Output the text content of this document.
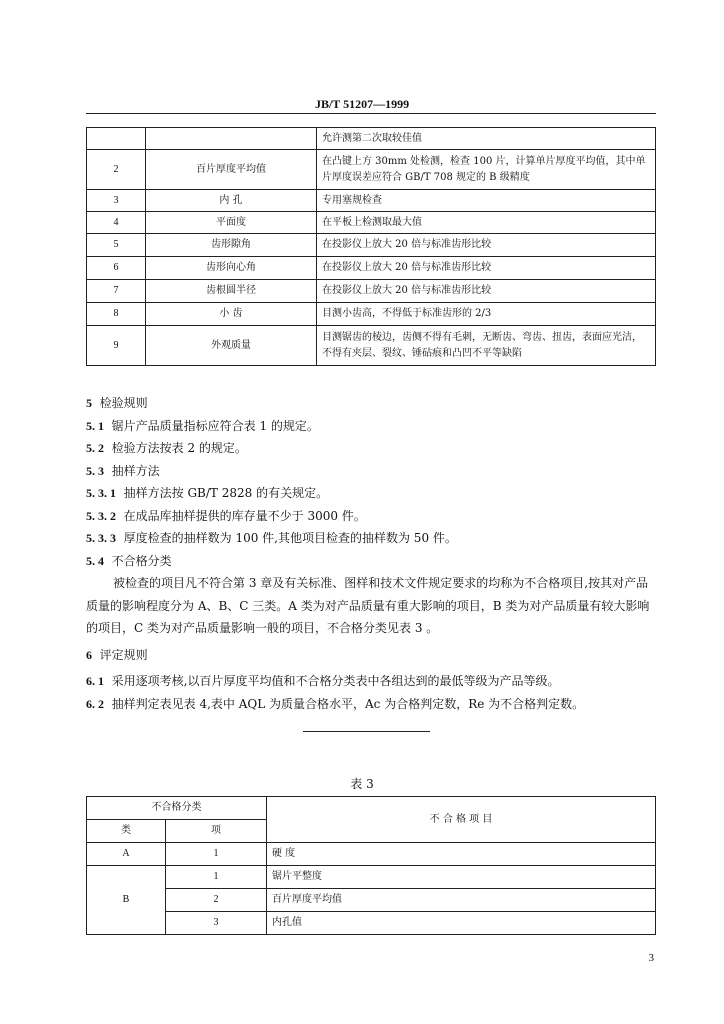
JB/T 51207—1999
		允许测第二次取较佳值
2	百片厚度平均值	在凸键上方 30mm 处检测，检查 100 片，计算单片厚度平均值，其中单片厚度误差应符合 GB/T 708 规定的 B 级精度
3	内 孔	专用塞规检查
4	平面度	在平板上检测取最大值
5	齿形隙角	在投影仪上放大 20 倍与标准齿形比较
6	齿形向心角	在投影仪上放大 20 倍与标准齿形比较
7	齿根圆半径	在投影仪上放大 20 倍与标准齿形比较
8	小 齿	目测小齿高，不得低于标准齿形的 2/3
9	外观质量	目测锯齿的棱边，齿侧不得有毛刺，无断齿、弯齿、扭齿，表面应光洁，不得有夹层、裂纹、锤砧痕和凸凹不平等缺陷

5 检验规则

5. 1 锯片产品质量指标应符合表 1 的规定。

5. 2 检验方法按表 2 的规定。

5. 3 抽样方法

5. 3. 1 抽样方法按 GB/T 2828 的有关规定。

5. 3. 2 在成品库抽样提供的库存量不少于 3000 件。

5. 3. 3 厚度检查的抽样数为 100 件,其他项目检查的抽样数为 50 件。

5. 4 不合格分类

被检查的项目凡不符合第 3 章及有关标准、图样和技术文件规定要求的均称为不合格项目,按其对产品质量的影响程度分为 A、B、C 三类。A 类为对产品质量有重大影响的项目，B 类为对产品质量有较大影响的项目，C 类为对产品质量影响一般的项目，不合格分类见表 3 。

6 评定规则

6. 1 采用逐项考核,以百片厚度平均值和不合格分类表中各组达到的最低等级为产品等级。

6. 2 抽样判定表见表 4,表中 AQL 为质量合格水平，Ac 为合格判定数，Re 为不合格判定数。

表 3
不合格分类		不 合 格 项 目
类	项	
A	1	硬 度
B	1	锯片平整度
	2	百片厚度平均值
	3	内孔值
3
